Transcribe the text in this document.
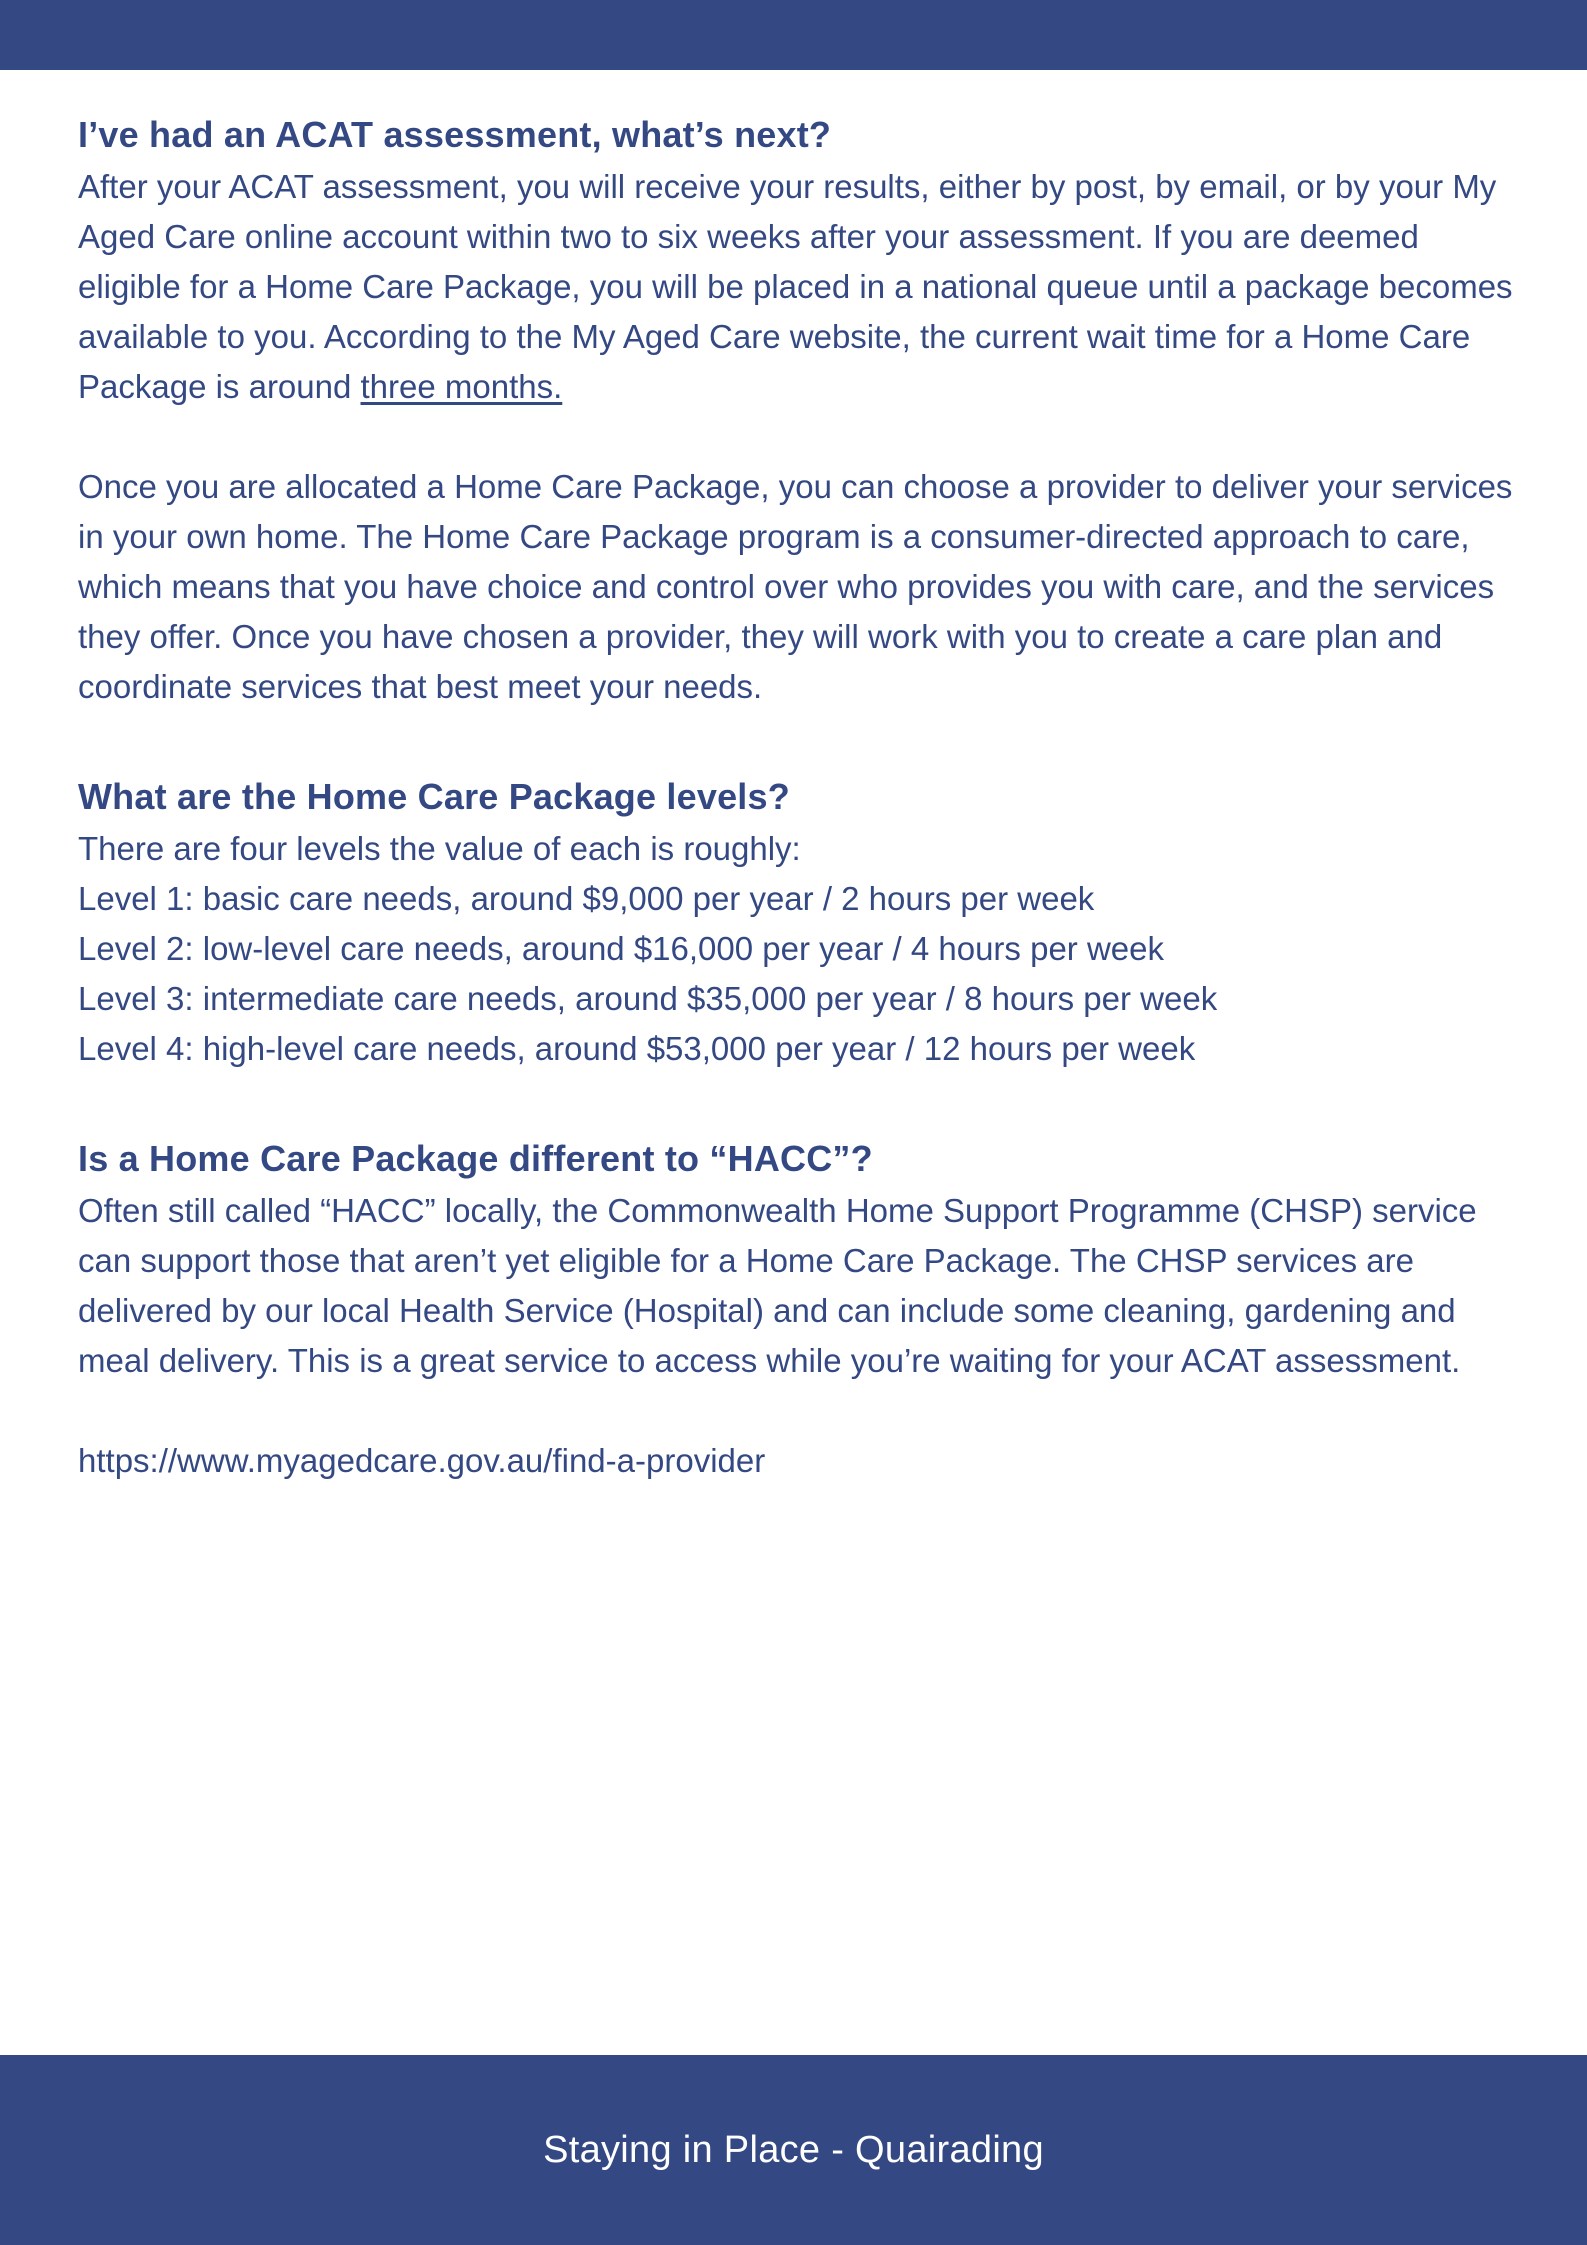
I’ve had an ACAT assessment, what’s next?

After your ACAT assessment, you will receive your results, either by post, by email, or by your My Aged Care online account within two to six weeks after your assessment. If you are deemed eligible for a Home Care Package, you will be placed in a national queue until a package becomes available to you. According to the My Aged Care website, the current wait time for a Home Care Package is around three months.

Once you are allocated a Home Care Package, you can choose a provider to deliver your services in your own home. The Home Care Package program is a consumer-directed approach to care, which means that you have choice and control over who provides you with care, and the services they offer. Once you have chosen a provider, they will work with you to create a care plan and coordinate services that best meet your needs.

What are the Home Care Package levels?

There are four levels the value of each is roughly:

Level 1: basic care needs, around $9,000 per year / 2 hours per week

Level 2: low-level care needs, around $16,000 per year / 4 hours per week

Level 3: intermediate care needs, around $35,000 per year / 8 hours per week

Level 4: high-level care needs, around $53,000 per year / 12 hours per week

Is a Home Care Package different to “HACC”?

Often still called “HACC” locally, the Commonwealth Home Support Programme (CHSP) service can support those that aren’t yet eligible for a Home Care Package. The CHSP services are delivered by our local Health Service (Hospital) and can include some cleaning, gardening and meal delivery. This is a great service to access while you’re waiting for your ACAT assessment.

https://www.myagedcare.gov.au/find-a-provider

Staying in Place - Quairading
